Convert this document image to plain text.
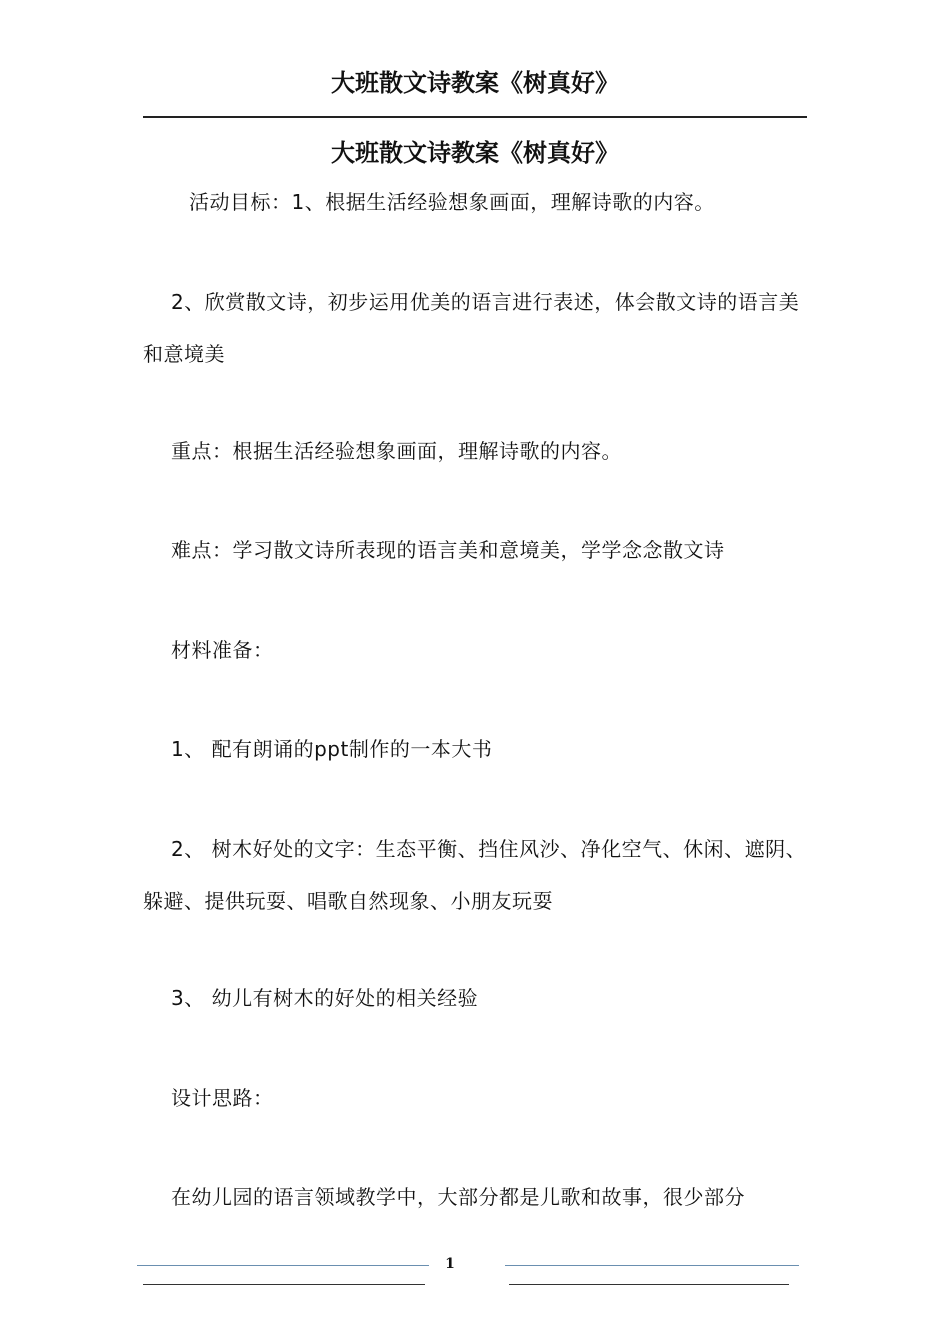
大班散文诗教案《树真好》
大班散文诗教案《树真好》
活动目标：1、根据生活经验想象画面，理解诗歌的内容。
2、欣赏散文诗，初步运用优美的语言进行表述，体会散文诗的语言美和意境美
重点：根据生活经验想象画面，理解诗歌的内容。
难点：学习散文诗所表现的语言美和意境美，学学念念散文诗
材料准备：
1、 配有朗诵的ppt制作的一本大书
2、 树木好处的文字：生态平衡、挡住风沙、净化空气、休闲、遮阴、躲避、提供玩耍、唱歌自然现象、小朋友玩耍
3、 幼儿有树木的好处的相关经验
设计思路：
在幼儿园的语言领域教学中，大部分都是儿歌和故事，很少部分
1
